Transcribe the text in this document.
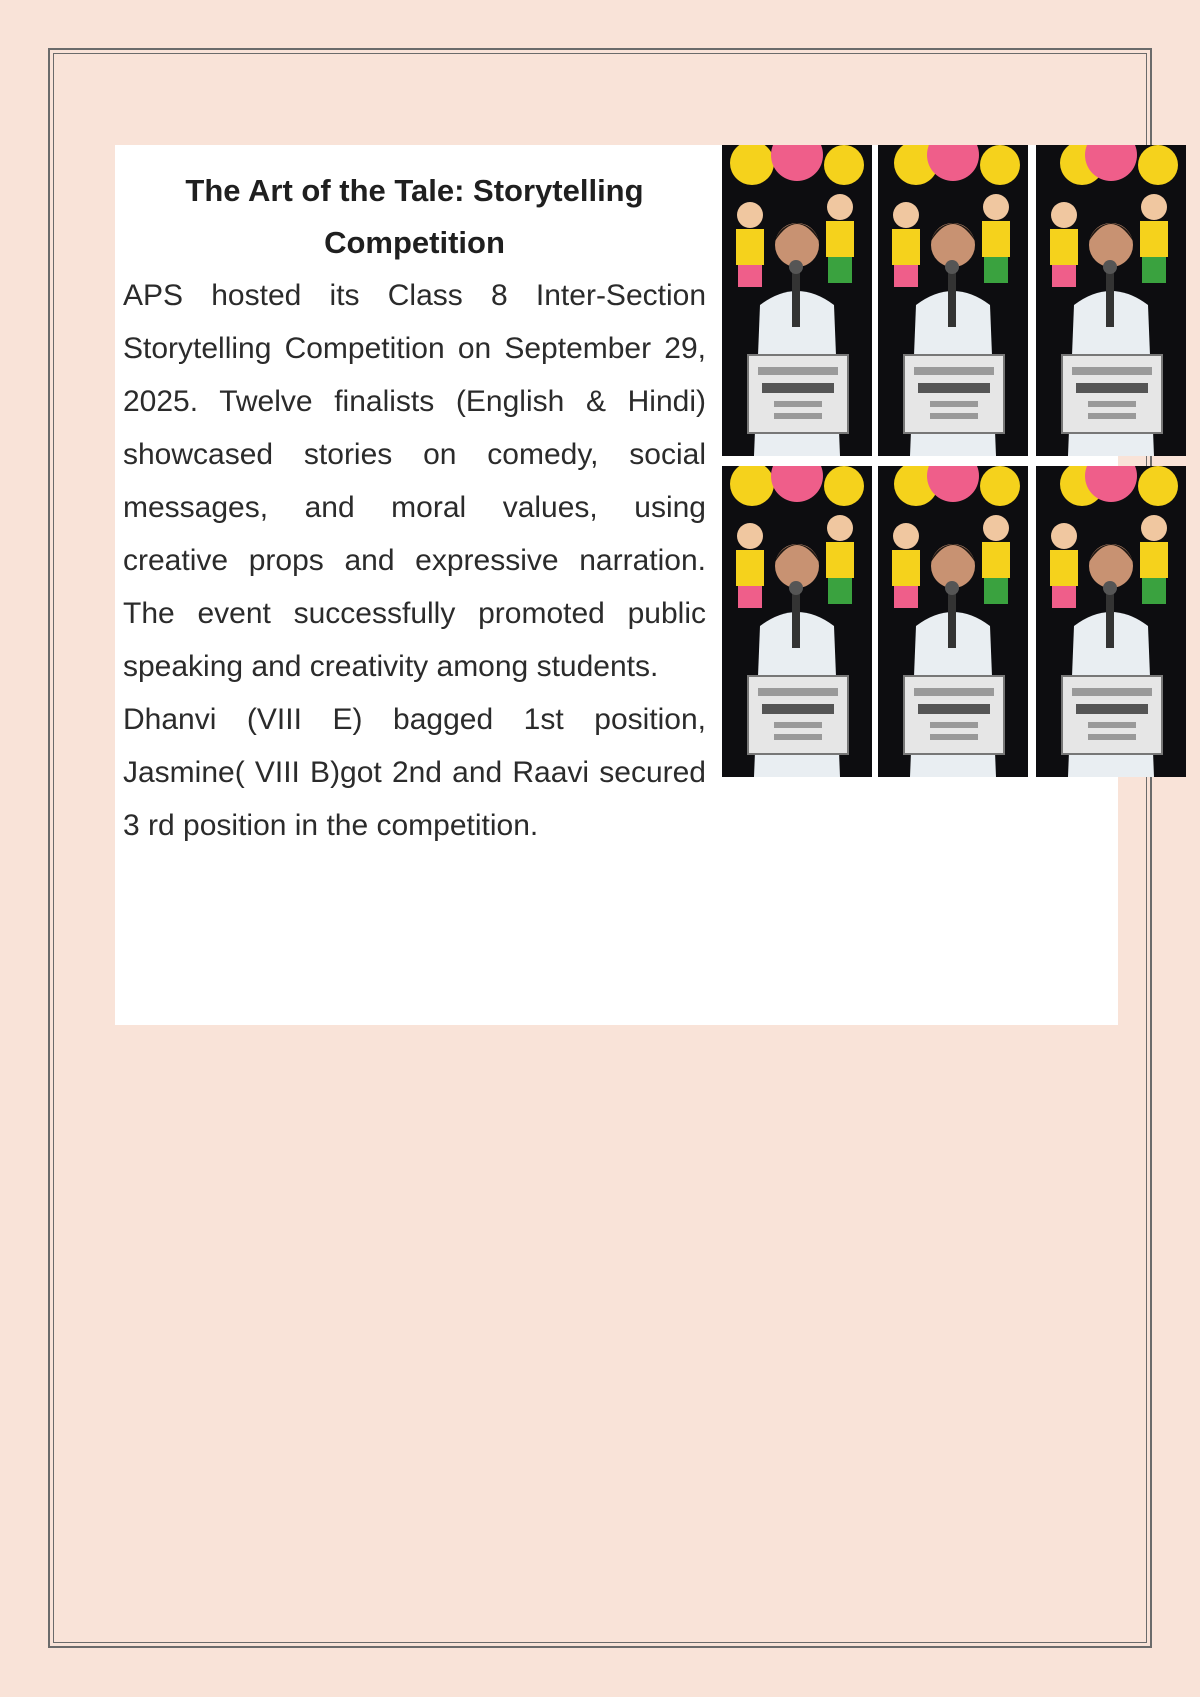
The Art of the Tale: Storytelling Competition

APS hosted its Class 8 Inter-Section Storytelling Competition on September 29, 2025. Twelve finalists (English & Hindi) showcased stories on comedy, social messages, and moral values, using creative props and expressive narration. The event successfully promoted public speaking and creativity among students.

Dhanvi (VIII E) bagged 1st position, Jasmine( VIII B)got 2nd and Raavi secured 3 rd position in the competition.
